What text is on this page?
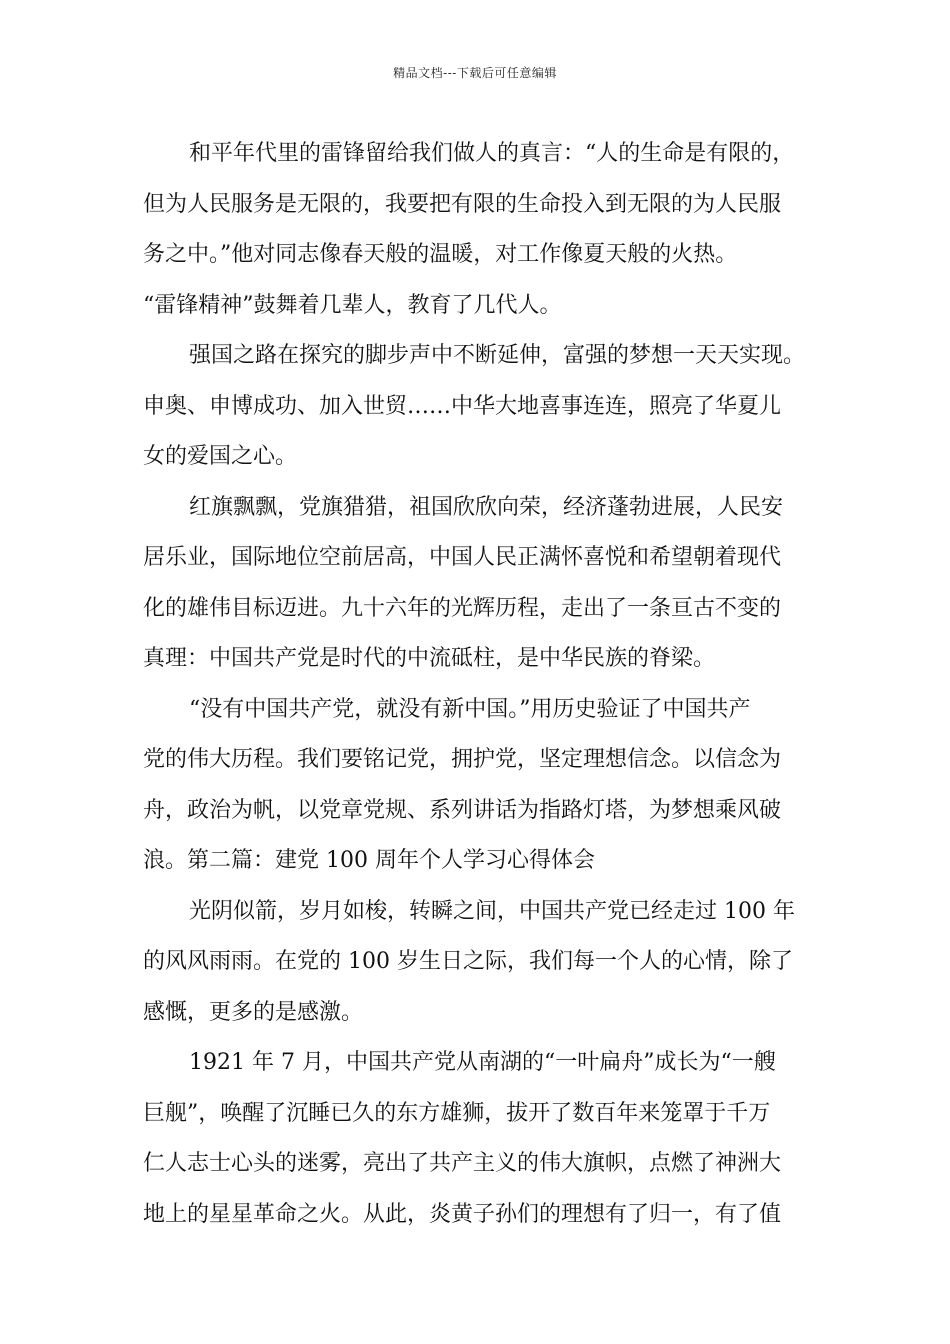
精品文档---下载后可任意编辑
和平年代里的雷锋留给我们做人的真言：“人的生命是有限的，
但为人民服务是无限的，我要把有限的生命投入到无限的为人民服
务之中。”他对同志像春天般的温暖，对工作像夏天般的火热。
“雷锋精神”鼓舞着几辈人，教育了几代人。
强国之路在探究的脚步声中不断延伸，富强的梦想一天天实现。
申奥、申博成功、加入世贸……中华大地喜事连连，照亮了华夏儿
女的爱国之心。
红旗飘飘，党旗猎猎，祖国欣欣向荣，经济蓬勃进展，人民安
居乐业，国际地位空前居高，中国人民正满怀喜悦和希望朝着现代
化的雄伟目标迈进。九十六年的光辉历程，走出了一条亘古不变的
真理：中国共产党是时代的中流砥柱，是中华民族的脊梁。
“没有中国共产党，就没有新中国。”用历史验证了中国共产
党的伟大历程。我们要铭记党，拥护党，坚定理想信念。以信念为
舟，政治为帆，以党章党规、系列讲话为指路灯塔，为梦想乘风破
浪。第二篇：建党 100 周年个人学习心得体会
光阴似箭，岁月如梭，转瞬之间，中国共产党已经走过 100 年
的风风雨雨。在党的 100 岁生日之际，我们每一个人的心情，除了
感慨，更多的是感激。
1921 年 7 月，中国共产党从南湖的“一叶扁舟”成长为“一艘
巨舰”，唤醒了沉睡已久的东方雄狮，拔开了数百年来笼罩于千万
仁人志士心头的迷雾，亮出了共产主义的伟大旗帜，点燃了神洲大
地上的星星革命之火。从此，炎黄子孙们的理想有了归一，有了值
